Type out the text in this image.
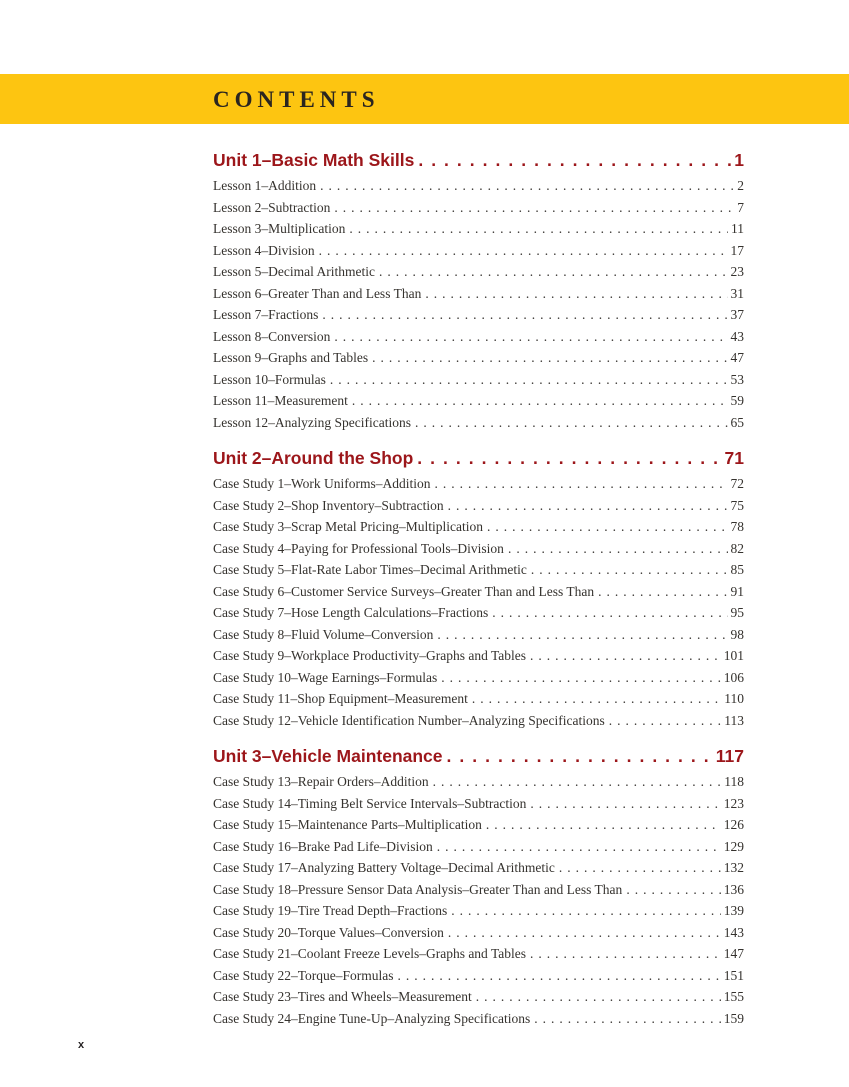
CONTENTS
Unit 1–Basic Math Skills .....	1
Lesson 1–Addition .....	2
Lesson 2–Subtraction .....	7
Lesson 3–Multiplication .....	11
Lesson 4–Division .....	17
Lesson 5–Decimal Arithmetic .....	23
Lesson 6–Greater Than and Less Than .....	31
Lesson 7–Fractions .....	37
Lesson 8–Conversion .....	43
Lesson 9–Graphs and Tables .....	47
Lesson 10–Formulas .....	53
Lesson 11–Measurement .....	59
Lesson 12–Analyzing Specifications .....	65
Unit 2–Around the Shop .....	71
Case Study 1–Work Uniforms–Addition .....	72
Case Study 2–Shop Inventory–Subtraction .....	75
Case Study 3–Scrap Metal Pricing–Multiplication .....	78
Case Study 4–Paying for Professional Tools–Division .....	82
Case Study 5–Flat-Rate Labor Times–Decimal Arithmetic .....	85
Case Study 6–Customer Service Surveys–Greater Than and Less Than .....	91
Case Study 7–Hose Length Calculations–Fractions .....	95
Case Study 8–Fluid Volume–Conversion .....	98
Case Study 9–Workplace Productivity–Graphs and Tables .....	101
Case Study 10–Wage Earnings–Formulas .....	106
Case Study 11–Shop Equipment–Measurement .....	110
Case Study 12–Vehicle Identification Number–Analyzing Specifications .....	113
Unit 3–Vehicle Maintenance .....	117
Case Study 13–Repair Orders–Addition .....	118
Case Study 14–Timing Belt Service Intervals–Subtraction .....	123
Case Study 15–Maintenance Parts–Multiplication .....	126
Case Study 16–Brake Pad Life–Division .....	129
Case Study 17–Analyzing Battery Voltage–Decimal Arithmetic .....	132
Case Study 18–Pressure Sensor Data Analysis–Greater Than and Less Than .....	136
Case Study 19–Tire Tread Depth–Fractions .....	139
Case Study 20–Torque Values–Conversion .....	143
Case Study 21–Coolant Freeze Levels–Graphs and Tables .....	147
Case Study 22–Torque–Formulas .....	151
Case Study 23–Tires and Wheels–Measurement .....	155
Case Study 24–Engine Tune-Up–Analyzing Specifications .....	159
x
